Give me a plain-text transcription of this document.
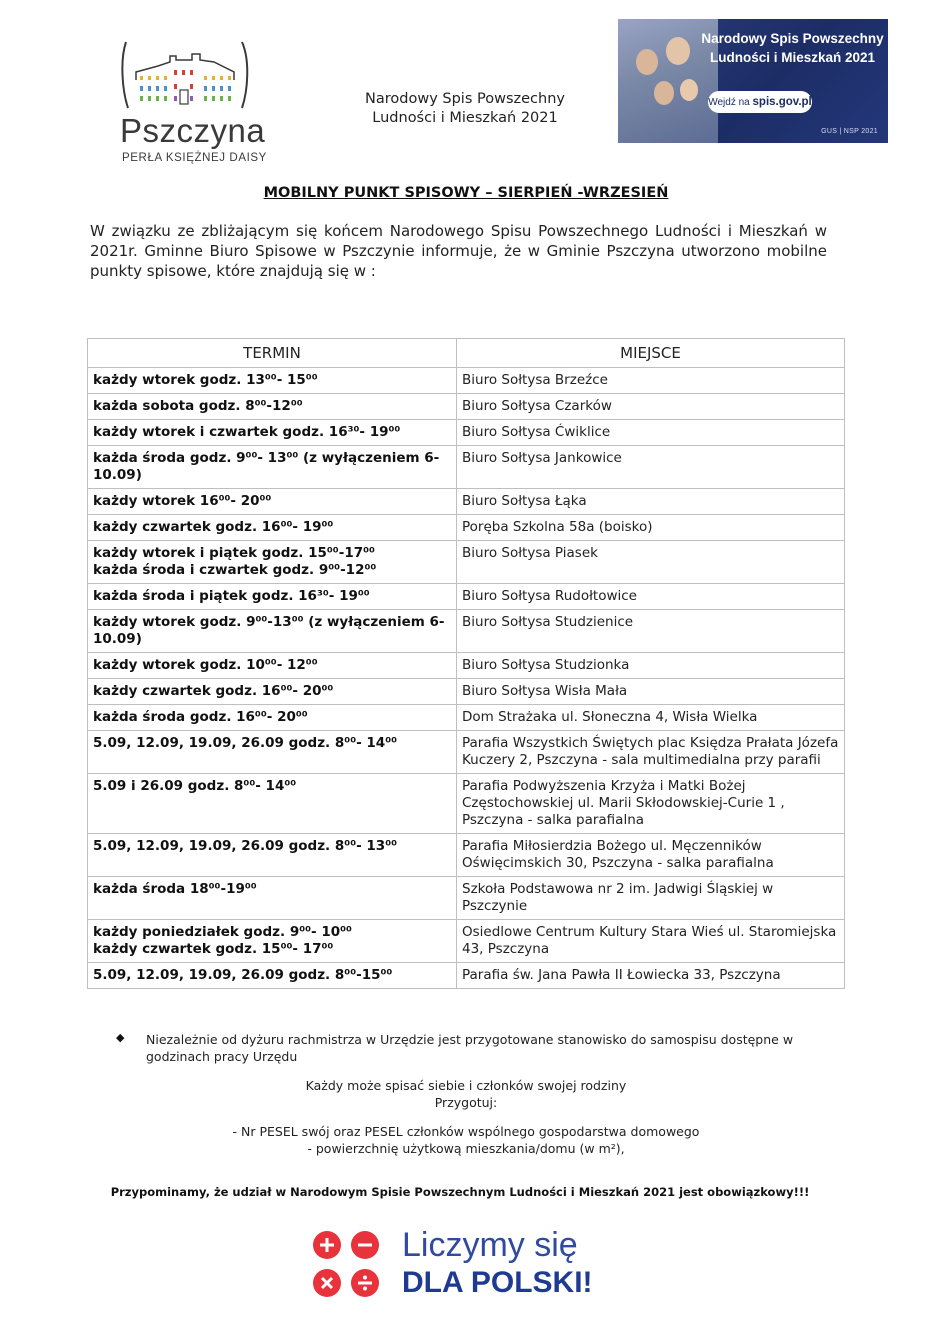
Pszczyna
PERŁA KSIĘŻNEJ DAISY
Narodowy Spis Powszechny
Ludności i Mieszkań 2021
Narodowy Spis Powszechny
Ludności i Mieszkań 2021
Wejdź na spis.gov.pl
GUS | NSP 2021
MOBILNY PUNKT SPISOWY – SIERPIEŃ -WRZESIEŃ
W związku ze zbliżającym się końcem Narodowego Spisu Powszechnego Ludności i Mieszkań w 2021r. Gminne Biuro Spisowe w Pszczynie informuje, że w Gminie Pszczyna utworzono mobilne punkty spisowe, które znajdują się w :
TERMIN	MIEJSCE

każdy wtorek godz. 13⁰⁰- 15⁰⁰	Biuro Sołtysa Brzeźce

każda sobota godz. 8⁰⁰-12⁰⁰	Biuro Sołtysa Czarków

każdy wtorek i czwartek godz. 16³⁰- 19⁰⁰	Biuro Sołtysa Ćwiklice

każda środa godz. 9⁰⁰- 13⁰⁰ (z wyłączeniem 6-10.09)	Biuro Sołtysa Jankowice

każdy wtorek 16⁰⁰- 20⁰⁰	Biuro Sołtysa Łąka

każdy czwartek godz. 16⁰⁰- 19⁰⁰	Poręba Szkolna 58a (boisko)

każdy wtorek i piątek godz. 15⁰⁰-17⁰⁰
każda środa i czwartek godz. 9⁰⁰-12⁰⁰	Biuro Sołtysa Piasek

każda środa i piątek godz. 16³⁰- 19⁰⁰	Biuro Sołtysa Rudołtowice

każdy wtorek godz. 9⁰⁰-13⁰⁰ (z wyłączeniem 6-10.09)	Biuro Sołtysa Studzienice

każdy wtorek godz. 10⁰⁰- 12⁰⁰	Biuro Sołtysa Studzionka

każdy czwartek godz. 16⁰⁰- 20⁰⁰	Biuro Sołtysa Wisła Mała

każda środa godz. 16⁰⁰- 20⁰⁰	Dom Strażaka ul. Słoneczna 4, Wisła Wielka

5.09, 12.09, 19.09, 26.09 godz. 8⁰⁰- 14⁰⁰	Parafia Wszystkich Świętych plac Księdza Prałata Józefa Kuczery 2, Pszczyna - sala multimedialna przy parafii

5.09 i 26.09 godz. 8⁰⁰- 14⁰⁰	Parafia Podwyższenia Krzyża i Matki Bożej Częstochowskiej ul. Marii Skłodowskiej-Curie 1 , Pszczyna - salka parafialna

5.09, 12.09, 19.09, 26.09 godz. 8⁰⁰- 13⁰⁰	Parafia Miłosierdzia Bożego ul. Męczenników Oświęcimskich 30, Pszczyna - salka parafialna

każda środa 18⁰⁰-19⁰⁰	Szkoła Podstawowa nr 2 im. Jadwigi Śląskiej w Pszczynie

każdy poniedziałek godz. 9⁰⁰- 10⁰⁰
każdy czwartek godz. 15⁰⁰- 17⁰⁰	Osiedlowe Centrum Kultury Stara Wieś ul. Staromiejska 43, Pszczyna

5.09, 12.09, 19.09, 26.09 godz. 8⁰⁰-15⁰⁰	Parafia św. Jana Pawła II Łowiecka 33, Pszczyna
◆ Niezależnie od dyżuru rachmistrza w Urzędzie jest przygotowane stanowisko do samospisu dostępne w godzinach pracy Urzędu
Każdy może spisać siebie i członków swojej rodziny
Przygotuj:
- Nr PESEL swój oraz PESEL członków wspólnego gospodarstwa domowego
- powierzchnię użytkową mieszkania/domu (w m²),
Przypominamy, że udział w Narodowym Spisie Powszechnym Ludności i Mieszkań 2021 jest obowiązkowy!!!
Liczymy się
DLA POLSKI!
